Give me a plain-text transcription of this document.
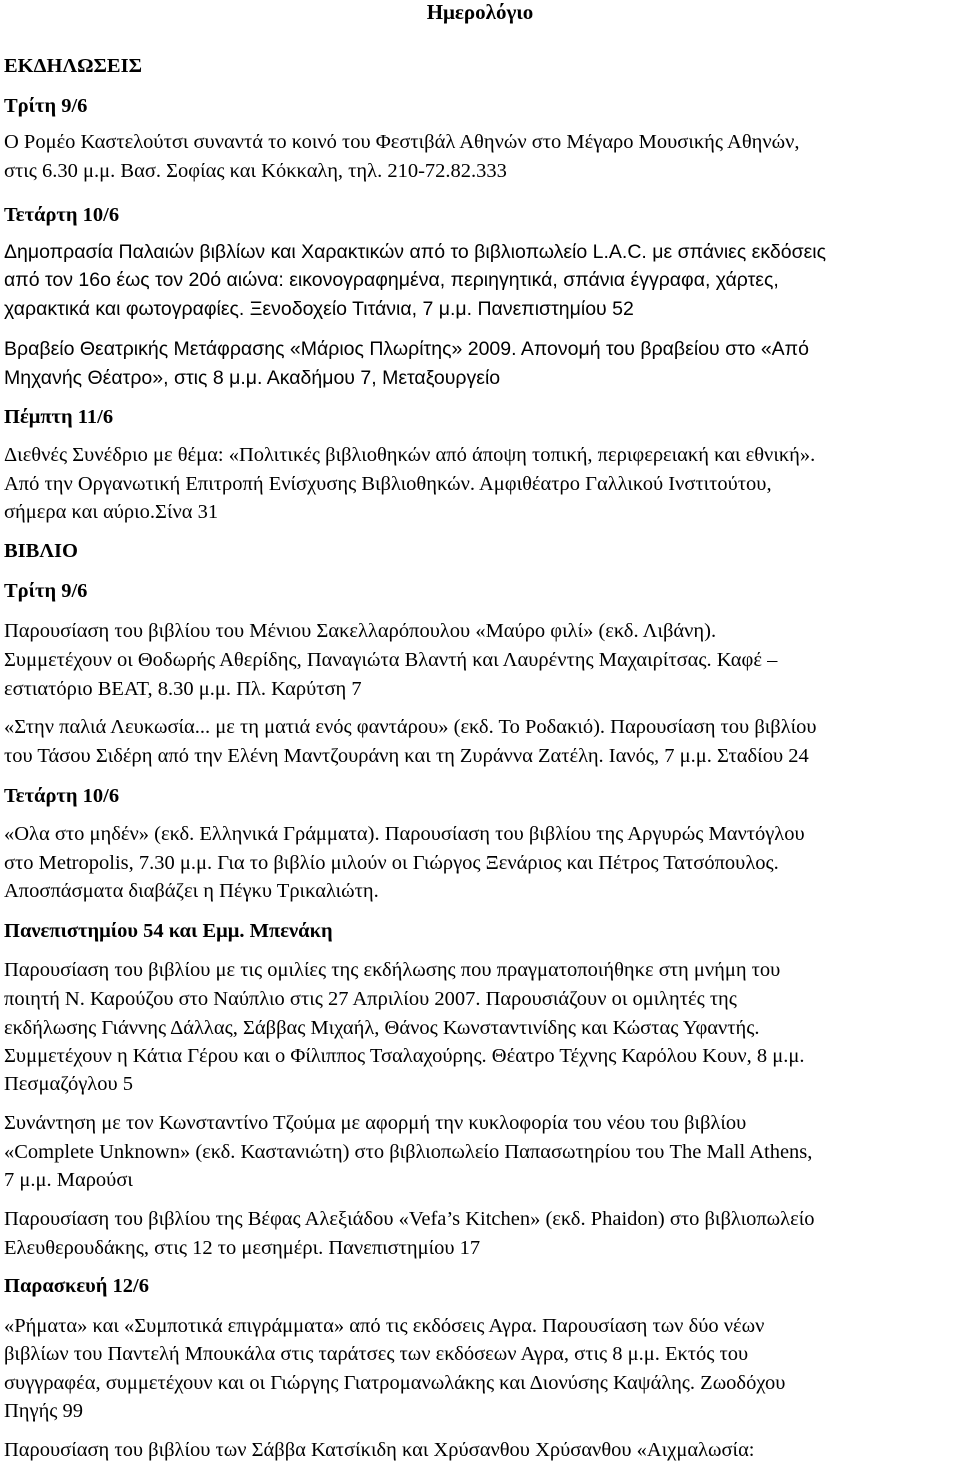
Ημερολόγιο
ΕΚΔΗΛΩΣΕΙΣ
Τρίτη 9/6
Ο Ρομέο Καστελούτσι συναντά το κοινό του Φεστιβάλ Αθηνών στο Μέγαρο Μουσικής Αθηνών,
στις 6.30 μ.μ. Βασ. Σοφίας και Κόκκαλη, τηλ. 210-72.82.333
Τετάρτη 10/6
Δημοπρασία Παλαιών βιβλίων και Χαρακτικών από το βιβλιοπωλείο L.A.C. με σπάνιες εκδόσεις
από τον 16ο έως τον 20ό αιώνα: εικονογραφημένα, περιηγητικά, σπάνια έγγραφα, χάρτες,
χαρακτικά και φωτογραφίες. Ξενοδοχείο Τιτάνια, 7 μ.μ. Πανεπιστημίου 52
Βραβείο Θεατρικής Μετάφρασης «Μάριος Πλωρίτης» 2009. Απονομή του βραβείου στο «Από
Μηχανής Θέατρο», στις 8 μ.μ. Ακαδήμου 7, Μεταξουργείο
Πέμπτη 11/6
Διεθνές Συνέδριο με θέμα: «Πολιτικές βιβλιοθηκών από άποψη τοπική, περιφερειακή και εθνική».
Από την Οργανωτική Επιτροπή Ενίσχυσης Βιβλιοθηκών. Αμφιθέατρο Γαλλικού Ινστιτούτου,
σήμερα και αύριο.Σίνα 31
ΒΙΒΛΙΟ
Τρίτη 9/6
Παρουσίαση του βιβλίου του Μένιου Σακελλαρόπουλου «Μαύρο φιλί» (εκδ. Λιβάνη).
Συμμετέχουν οι Θοδωρής Αθερίδης, Παναγιώτα Βλαντή και Λαυρέντης Μαχαιρίτσας. Καφέ –
εστιατόριο BEAT, 8.30 μ.μ. Πλ. Καρύτση 7
«Στην παλιά Λευκωσία... με τη ματιά ενός φαντάρου» (εκδ. Το Ροδακιό). Παρουσίαση του βιβλίου
του Τάσου Σιδέρη από την Ελένη Μαντζουράνη και τη Ζυράννα Ζατέλη. Ιανός, 7 μ.μ. Σταδίου 24
Τετάρτη 10/6
«Ολα στο μηδέν» (εκδ. Ελληνικά Γράμματα). Παρουσίαση του βιβλίου της Αργυρώς Μαντόγλου
στο Metropolis, 7.30 μ.μ. Για το βιβλίο μιλούν οι Γιώργος Ξενάριος και Πέτρος Τατσόπουλος.
Αποσπάσματα διαβάζει η Πέγκυ Τρικαλιώτη.
Πανεπιστημίου 54 και Εμμ. Μπενάκη
Παρουσίαση του βιβλίου με τις ομιλίες της εκδήλωσης που πραγματοποιήθηκε στη μνήμη του
ποιητή Ν. Καρούζου στο Ναύπλιο στις 27 Απριλίου 2007. Παρουσιάζουν οι ομιλητές της
εκδήλωσης Γιάννης Δάλλας, Σάββας Μιχαήλ, Θάνος Κωνσταντινίδης και Κώστας Υφαντής.
Συμμετέχουν η Κάτια Γέρου και ο Φίλιππος Τσαλαχούρης. Θέατρο Τέχνης Καρόλου Κουν, 8 μ.μ.
Πεσμαζόγλου 5
Συνάντηση με τον Κωνσταντίνο Τζούμα με αφορμή την κυκλοφορία του νέου του βιβλίου
«Complete Unknown» (εκδ. Καστανιώτη) στο βιβλιοπωλείο Παπασωτηρίου του The Mall Athens,
7 μ.μ. Μαρούσι
Παρουσίαση του βιβλίου της Βέφας Αλεξιάδου «Vefa’s Kitchen» (εκδ. Phaidon) στο βιβλιοπωλείο
Ελευθερουδάκης, στις 12 το μεσημέρι. Πανεπιστημίου 17
Παρασκευή 12/6
«Ρήματα» και «Συμποτικά επιγράμματα» από τις εκδόσεις Αγρα. Παρουσίαση των δύο νέων
βιβλίων του Παντελή Μπουκάλα στις ταράτσες των εκδόσεων Αγρα, στις 8 μ.μ. Εκτός του
συγγραφέα, συμμετέχουν και οι Γιώργης Γιατρομανωλάκης και Διονύσης Καψάλης. Ζωοδόχου
Πηγής 99
Παρουσίαση του βιβλίου των Σάββα Κατσίκιδη και Χρύσανθου Χρύσανθου «Αιχμαλωσία:
